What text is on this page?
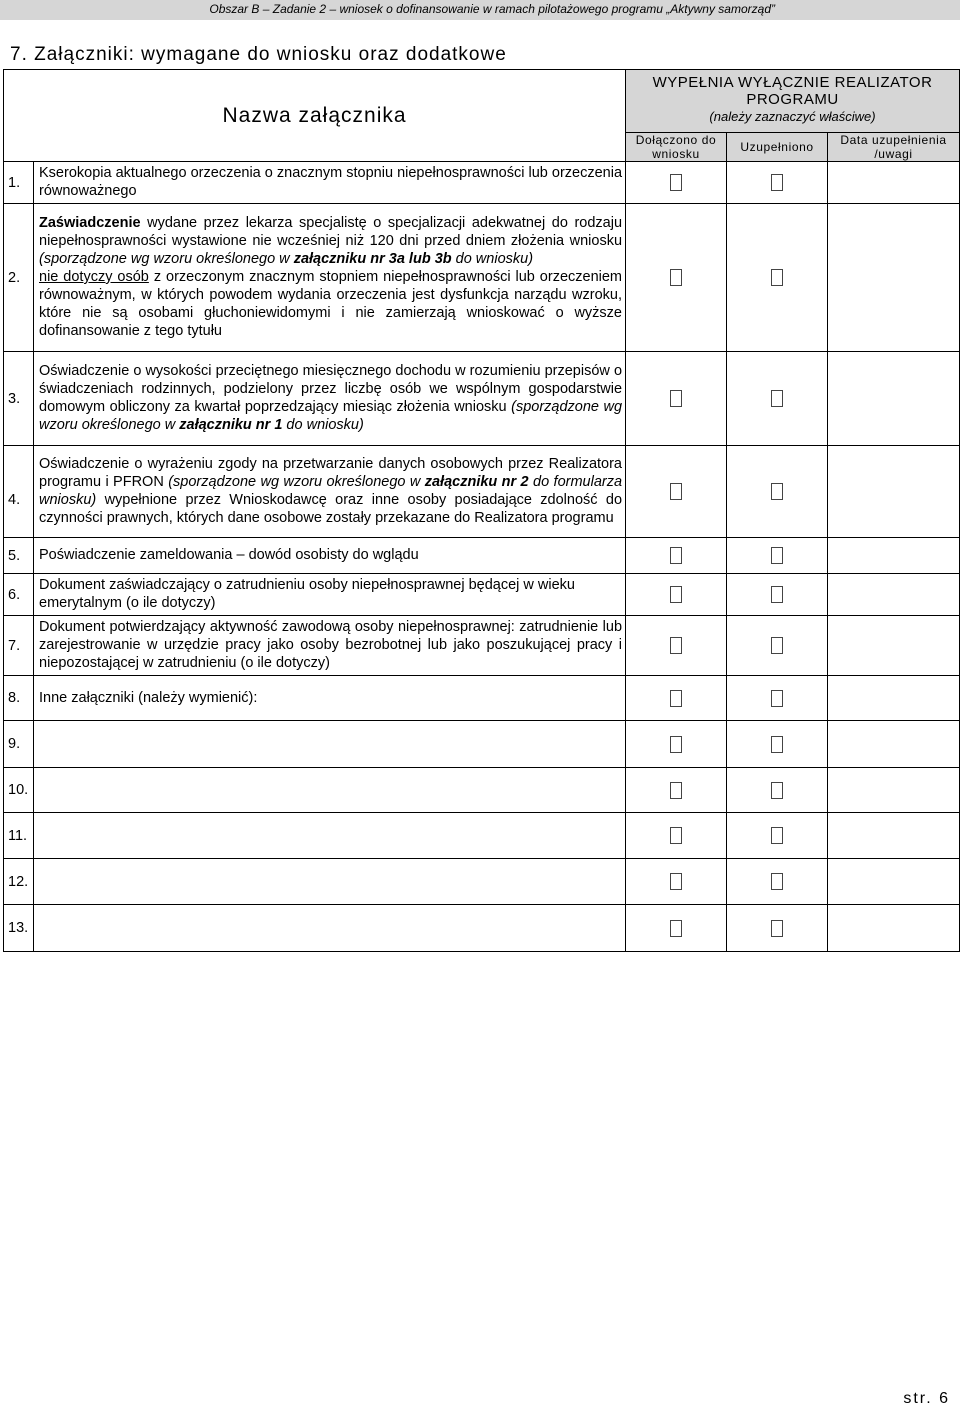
Obszar B – Zadanie 2 – wniosek o dofinansowanie w ramach pilotażowego programu „Aktywny samorząd”
7. Załączniki: wymagane do wniosku oraz dodatkowe
Nazwa załącznika		WYPEŁNIA WYŁĄCZNIE REALIZATOR PROGRAMU
(należy zaznaczyć właściwe)		

		Dołączono do wniosku	Uzupełniono	Data uzupełnienia /uwagi
1.	Kserokopia aktualnego orzeczenia o znacznym stopniu niepełnosprawności lub orzeczenia równoważnego			
2.	Zaświadczenie wydane przez lekarza specjalistę o specjalizacji adekwatnej do rodzaju niepełnosprawności wystawione nie wcześniej niż 120 dni przed dniem złożenia wniosku (sporządzone wg wzoru określonego w załączniku nr 3a lub 3b do wniosku)
nie dotyczy osób z orzeczonym znacznym stopniem niepełnosprawności lub orzeczeniem równoważnym, w których powodem wydania orzeczenia jest dysfunkcja narządu wzroku, które nie są osobami głuchoniewidomymi i nie zamierzają wnioskować o wyższe dofinansowanie z tego tytułu			
3.	Oświadczenie o wysokości przeciętnego miesięcznego dochodu w rozumieniu przepisów o świadczeniach rodzinnych, podzielony przez liczbę osób we wspólnym gospodarstwie domowym obliczony za kwartał poprzedzający miesiąc złożenia wniosku (sporządzone wg wzoru określonego w załączniku nr 1 do wniosku)			
4.	Oświadczenie o wyrażeniu zgody na przetwarzanie danych osobowych przez Realizatora programu i PFRON (sporządzone wg wzoru określonego w załączniku nr 2 do formularza wniosku) wypełnione przez Wnioskodawcę oraz inne osoby posiadające zdolność do czynności prawnych, których dane osobowe zostały przekazane do Realizatora programu			
5.	Poświadczenie zameldowania – dowód osobisty do wglądu			
6.	Dokument zaświadczający o zatrudnieniu osoby niepełnosprawnej będącej w wieku emerytalnym (o ile dotyczy)			
7.	Dokument potwierdzający aktywność zawodową osoby niepełnosprawnej: zatrudnienie lub zarejestrowanie w urzędzie pracy jako osoby bezrobotnej lub jako poszukującej pracy i niepozostającej w zatrudnieniu (o ile dotyczy)			
8.	Inne załączniki (należy wymienić):			
9.				
10.				
11.				
12.				
13.				
str. 6
